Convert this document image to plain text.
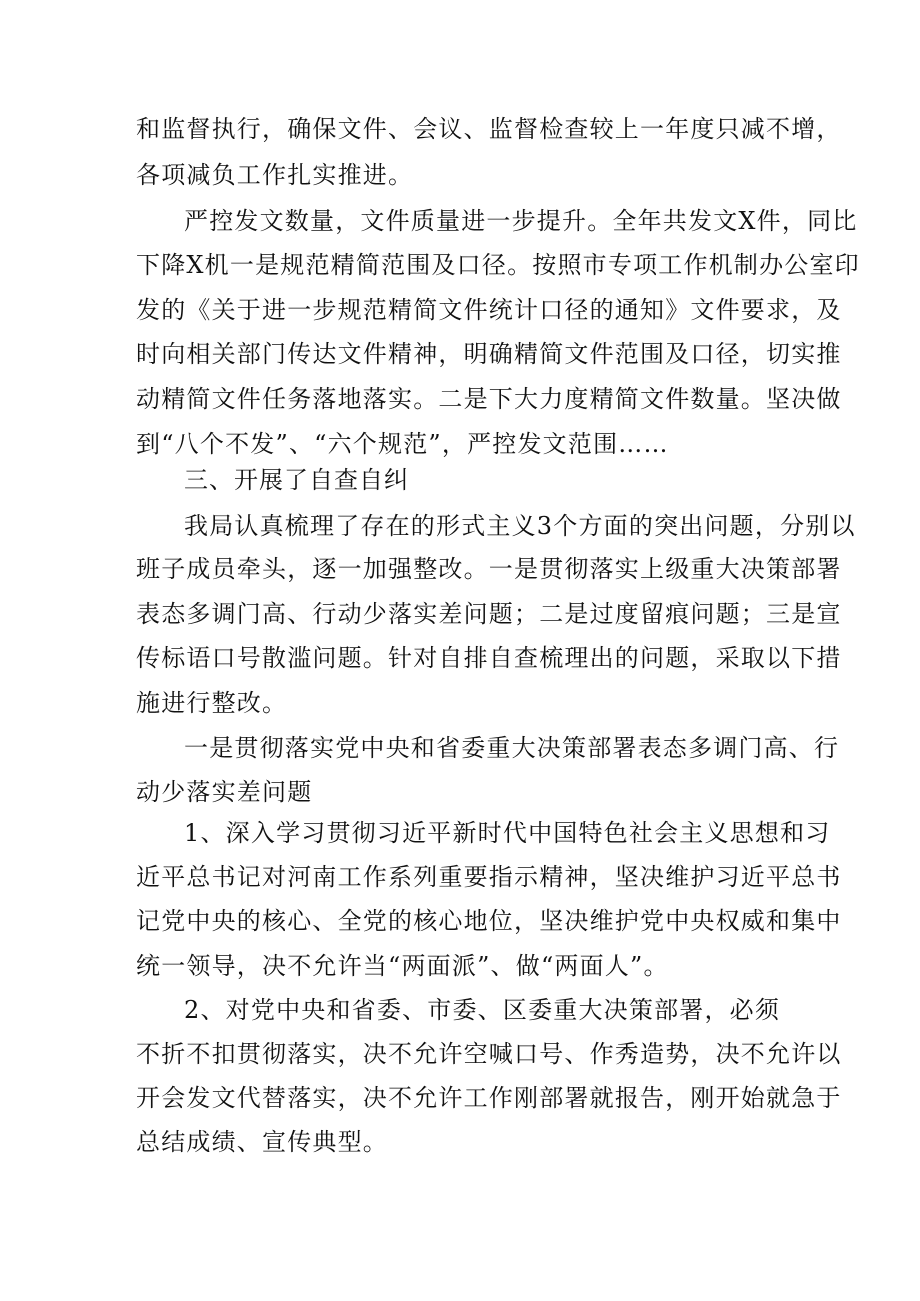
和监督执行，确保文件、会议、监督检查较上一年度只减不增，
各项减负工作扎实推进。
严控发文数量，文件质量进一步提升。全年共发文X件，同比
下降X机一是规范精简范围及口径。按照市专项工作机制办公室印
发的《关于进一步规范精简文件统计口径的通知》文件要求，及
时向相关部门传达文件精神，明确精简文件范围及口径，切实推
动精简文件任务落地落实。二是下大力度精简文件数量。坚决做
到“八个不发”、“六个规范”，严控发文范围……
三、开展了自查自纠
我局认真梳理了存在的形式主义3个方面的突出问题，分别以
班子成员牵头，逐一加强整改。一是贯彻落实上级重大决策部署
表态多调门高、行动少落实差问题；二是过度留痕问题；三是宣
传标语口号散滥问题。针对自排自查梳理出的问题，采取以下措
施进行整改。
一是贯彻落实党中央和省委重大决策部署表态多调门高、行
动少落实差问题
1、深入学习贯彻习近平新时代中国特色社会主义思想和习
近平总书记对河南工作系列重要指示精神，坚决维护习近平总书
记党中央的核心、全党的核心地位，坚决维护党中央权威和集中
统一领导，决不允许当“两面派”、做“两面人”。
2、对党中央和省委、市委、区委重大决策部署，必须
不折不扣贯彻落实，决不允许空喊口号、作秀造势，决不允许以
开会发文代替落实，决不允许工作刚部署就报告，刚开始就急于
总结成绩、宣传典型。
